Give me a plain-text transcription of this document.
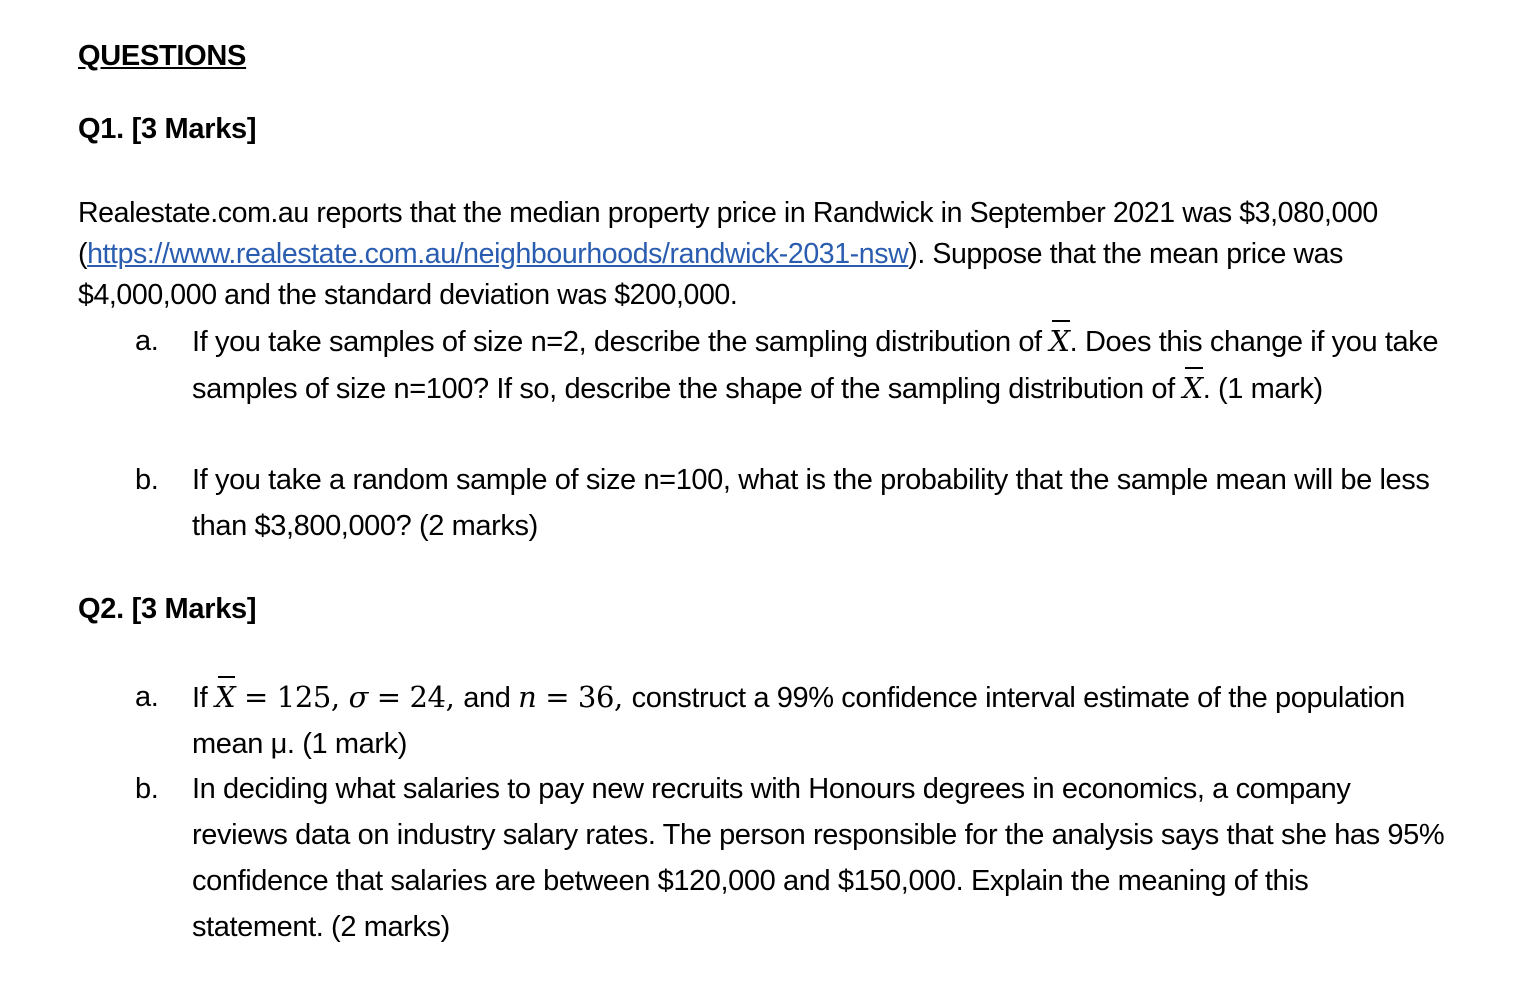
QUESTIONS
Q1. [3 Marks]
Realestate.com.au reports that the median property price in Randwick in September 2021 was $3,080,000 (https://www.realestate.com.au/neighbourhoods/randwick-2031-nsw). Suppose that the mean price was $4,000,000 and the standard deviation was $200,000.
a.	If you take samples of size n=2, describe the sampling distribution of X. Does this change if you take samples of size n=100? If so, describe the shape of the sampling distribution of X. (1 mark)
b.	If you take a random sample of size n=100, what is the probability that the sample mean will be less than $3,800,000? (2 marks)
Q2. [3 Marks]
a.	If X = 125, σ = 24, and n = 36, construct a 99% confidence interval estimate of the population mean μ. (1 mark)
b.	In deciding what salaries to pay new recruits with Honours degrees in economics, a company reviews data on industry salary rates. The person responsible for the analysis says that she has 95% confidence that salaries are between $120,000 and $150,000. Explain the meaning of this statement. (2 marks)
